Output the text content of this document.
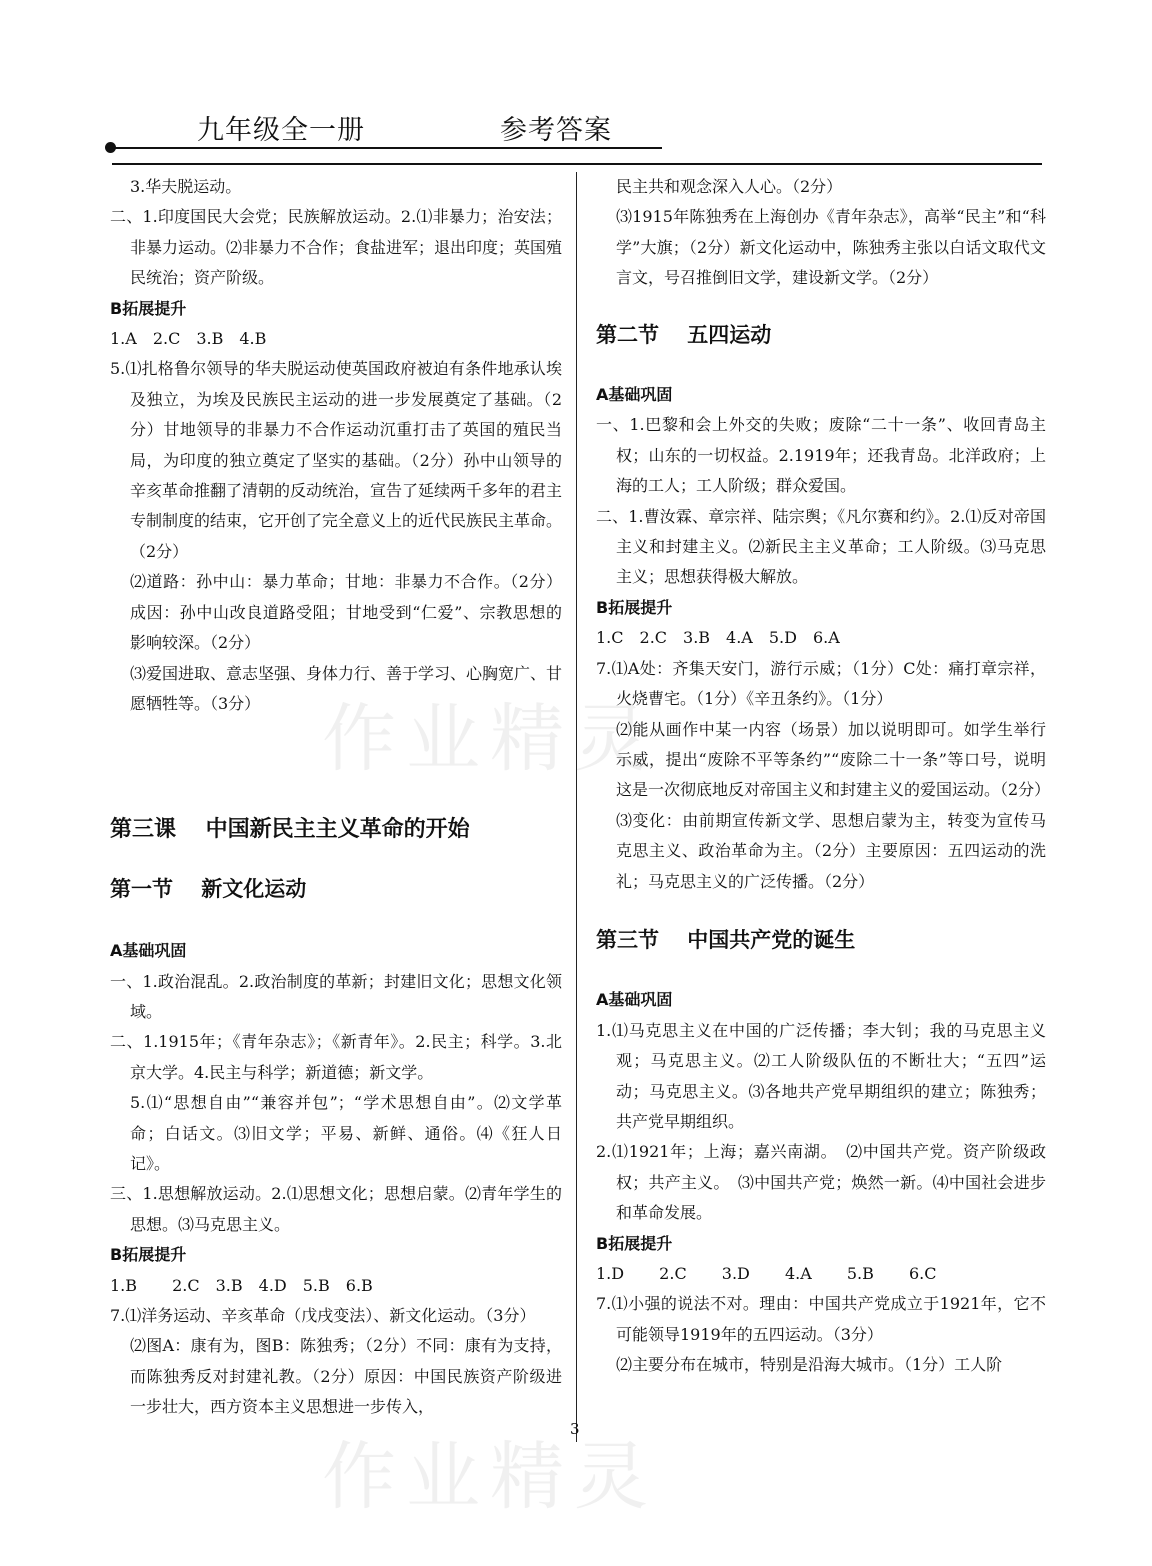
九年级全一册	参考答案

3.华夫脱运动。

二、1.印度国民大会党；民族解放运动。2.⑴非暴力；治安法；非暴力运动。⑵非暴力不合作；食盐进军；退出印度；英国殖民统治；资产阶级。

B拓展提升

1.A　2.C　3.B　4.B

5.⑴扎格鲁尔领导的华夫脱运动使英国政府被迫有条件地承认埃及独立，为埃及民族民主运动的进一步发展奠定了基础。（2分）甘地领导的非暴力不合作运动沉重打击了英国的殖民当局，为印度的独立奠定了坚实的基础。（2分）孙中山领导的辛亥革命推翻了清朝的反动统治，宣告了延续两千多年的君主专制制度的结束，它开创了完全意义上的近代民族民主革命。（2分）

⑵道路：孙中山：暴力革命；甘地：非暴力不合作。（2分）成因：孙中山改良道路受阻；甘地受到“仁爱”、宗教思想的影响较深。（2分）

⑶爱国进取、意志坚强、身体力行、善于学习、心胸宽广、甘愿牺牲等。（3分）

第三课　 中国新民主主义革命的开始

第一节　 新文化运动

A基础巩固

一、1.政治混乱。2.政治制度的革新；封建旧文化；思想文化领域。

二、1.1915年；《青年杂志》；《新青年》。2.民主；科学。3.北京大学。4.民主与科学；新道德；新文学。

5.⑴“思想自由”“兼容并包”；“学术思想自由”。⑵文学革命；白话文。⑶旧文学；平易、新鲜、通俗。⑷《狂人日记》。

三、1.思想解放运动。2.⑴思想文化；思想启蒙。⑵青年学生的思想。⑶马克思主义。

B拓展提升

1.B　 2.C　3.B　4.D　5.B　6.B

7.⑴洋务运动、辛亥革命（戊戌变法）、新文化运动。（3分）

⑵图A：康有为，图B：陈独秀；（2分）不同：康有为支持，而陈独秀反对封建礼教。（2分）原因：中国民族资产阶级进一步壮大，西方资本主义思想进一步传入，

民主共和观念深入人心。（2分）

⑶1915年陈独秀在上海创办《青年杂志》，高举“民主”和“科学”大旗；（2分）新文化运动中，陈独秀主张以白话文取代文言文，号召推倒旧文学，建设新文学。（2分）

第二节　 五四运动

A基础巩固

一、1.巴黎和会上外交的失败；废除“二十一条”、收回青岛主权；山东的一切权益。2.1919年；还我青岛。北洋政府；上海的工人；工人阶级；群众爱国。

二、1.曹汝霖、章宗祥、陆宗舆；《凡尔赛和约》。2.⑴反对帝国主义和封建主义。⑵新民主主义革命；工人阶级。⑶马克思主义；思想获得极大解放。

B拓展提升

1.C　2.C　3.B　4.A　5.D　6.A

7.⑴A处：齐集天安门，游行示威；（1分）C处：痛打章宗祥，火烧曹宅。（1分）《辛丑条约》。（1分）

⑵能从画作中某一内容（场景）加以说明即可。如学生举行示威，提出“废除不平等条约”“废除二十一条”等口号，说明这是一次彻底地反对帝国主义和封建主义的爱国运动。（2分）

⑶变化：由前期宣传新文学、思想启蒙为主，转变为宣传马克思主义、政治革命为主。（2分）主要原因：五四运动的洗礼；马克思主义的广泛传播。（2分）

第三节　 中国共产党的诞生

A基础巩固

1.⑴马克思主义在中国的广泛传播；李大钊；我的马克思主义观；马克思主义。⑵工人阶级队伍的不断壮大；“五四”运动；马克思主义。⑶各地共产党早期组织的建立；陈独秀；共产党早期组织。

2.⑴1921年；上海；嘉兴南湖。　⑵中国共产党。资产阶级政权；共产主义。　⑶中国共产党；焕然一新。⑷中国社会进步和革命发展。

B拓展提升

1.D　 2.C　 3.D　 4.A　 5.B　 6.C

7.⑴小强的说法不对。理由：中国共产党成立于1921年，它不可能领导1919年的五四运动。（3分）

⑵主要分布在城市，特别是沿海大城市。（1分）工人阶

作业精灵
作业精灵
3
